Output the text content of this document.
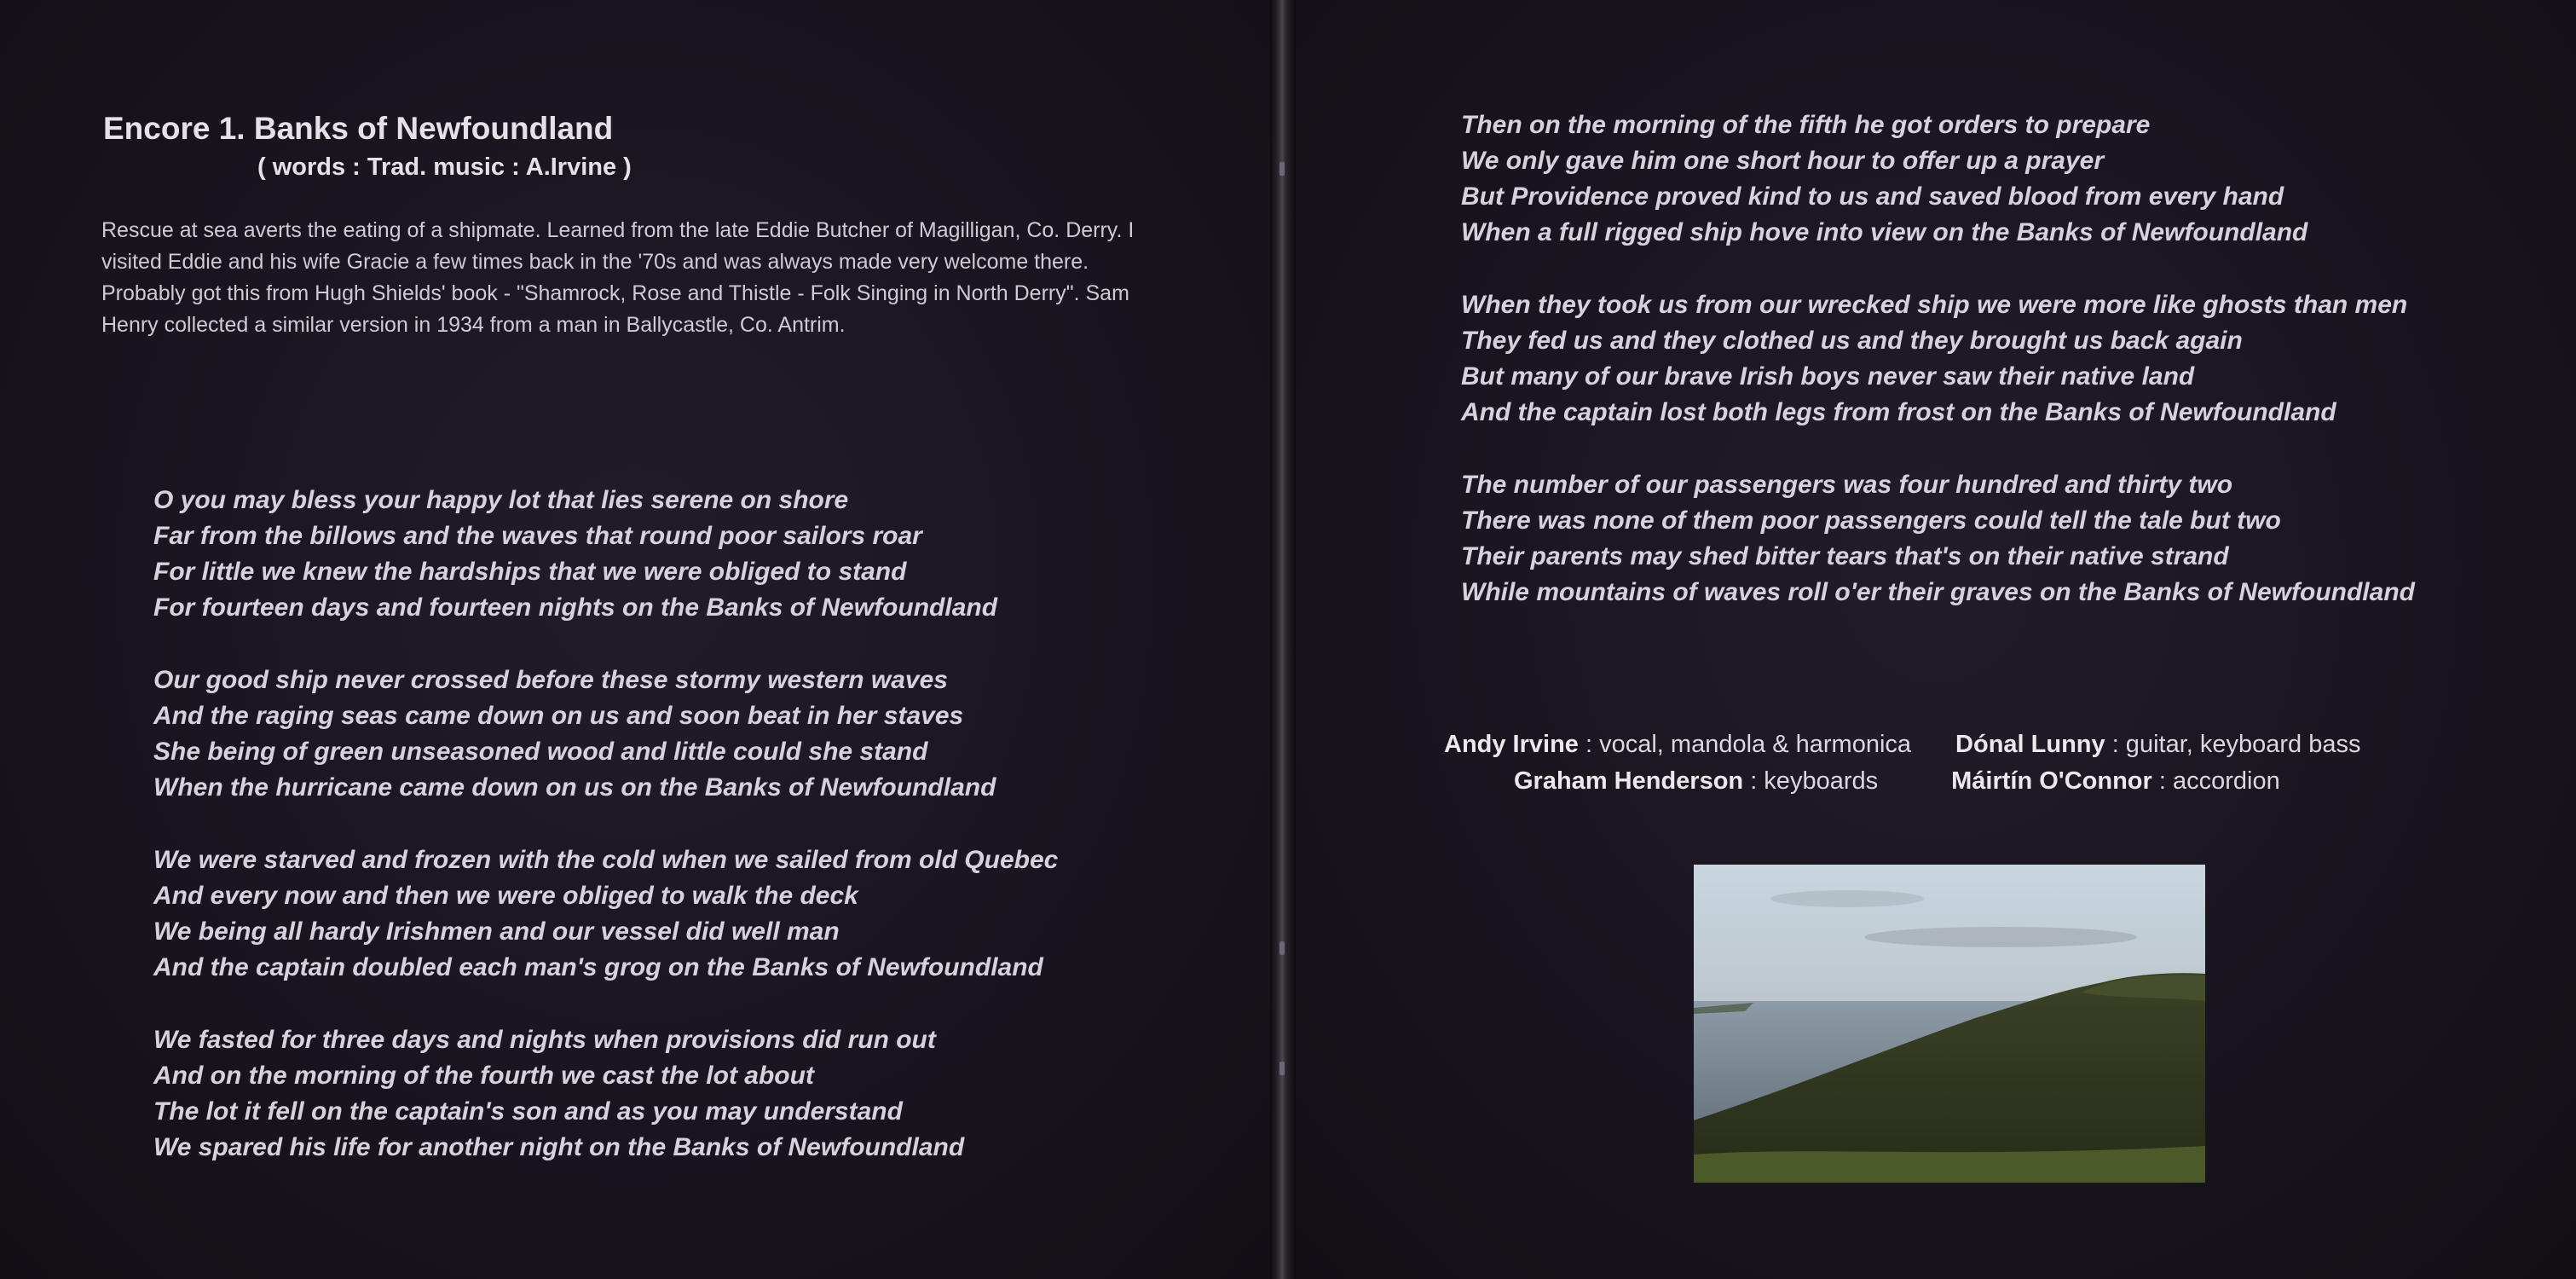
Encore 1. Banks of Newfoundland
( words : Trad. music : A.Irvine )

Rescue at sea averts the eating of a shipmate. Learned from the late Eddie Butcher of Magilligan, Co. Derry. I visited Eddie and his wife Gracie a few times back in the '70s and was always made very welcome there. Probably got this from Hugh Shields' book - "Shamrock, Rose and Thistle - Folk Singing in North Derry". Sam Henry collected a similar version in 1934 from a man in Ballycastle, Co. Antrim.

O you may bless your happy lot that lies serene on shore
Far from the billows and the waves that round poor sailors roar
For little we knew the hardships that we were obliged to stand
For fourteen days and fourteen nights on the Banks of Newfoundland
Our good ship never crossed before these stormy western waves
And the raging seas came down on us and soon beat in her staves
She being of green unseasoned wood and little could she stand
When the hurricane came down on us on the Banks of Newfoundland
We were starved and frozen with the cold when we sailed from old Quebec
And every now and then we were obliged to walk the deck
We being all hardy Irishmen and our vessel did well man
And the captain doubled each man's grog on the Banks of Newfoundland
We fasted for three days and nights when provisions did run out
And on the morning of the fourth we cast the lot about
The lot it fell on the captain's son and as you may understand
We spared his life for another night on the Banks of Newfoundland
Then on the morning of the fifth he got orders to prepare
We only gave him one short hour to offer up a prayer
But Providence proved kind to us and saved blood from every hand
When a full rigged ship hove into view on the Banks of Newfoundland
When they took us from our wrecked ship we were more like ghosts than men
They fed us and they clothed us and they brought us back again
But many of our brave Irish boys never saw their native land
And the captain lost both legs from frost on the Banks of Newfoundland
The number of our passengers was four hundred and thirty two
There was none of them poor passengers could tell the tale but two
Their parents may shed bitter tears that's on their native strand
While mountains of waves roll o'er their graves on the Banks of Newfoundland
Andy Irvine : vocal, mandola & harmonica Dónal Lunny : guitar, keyboard bass
Graham Henderson : keyboards	Máirtín O'Connor : accordion
